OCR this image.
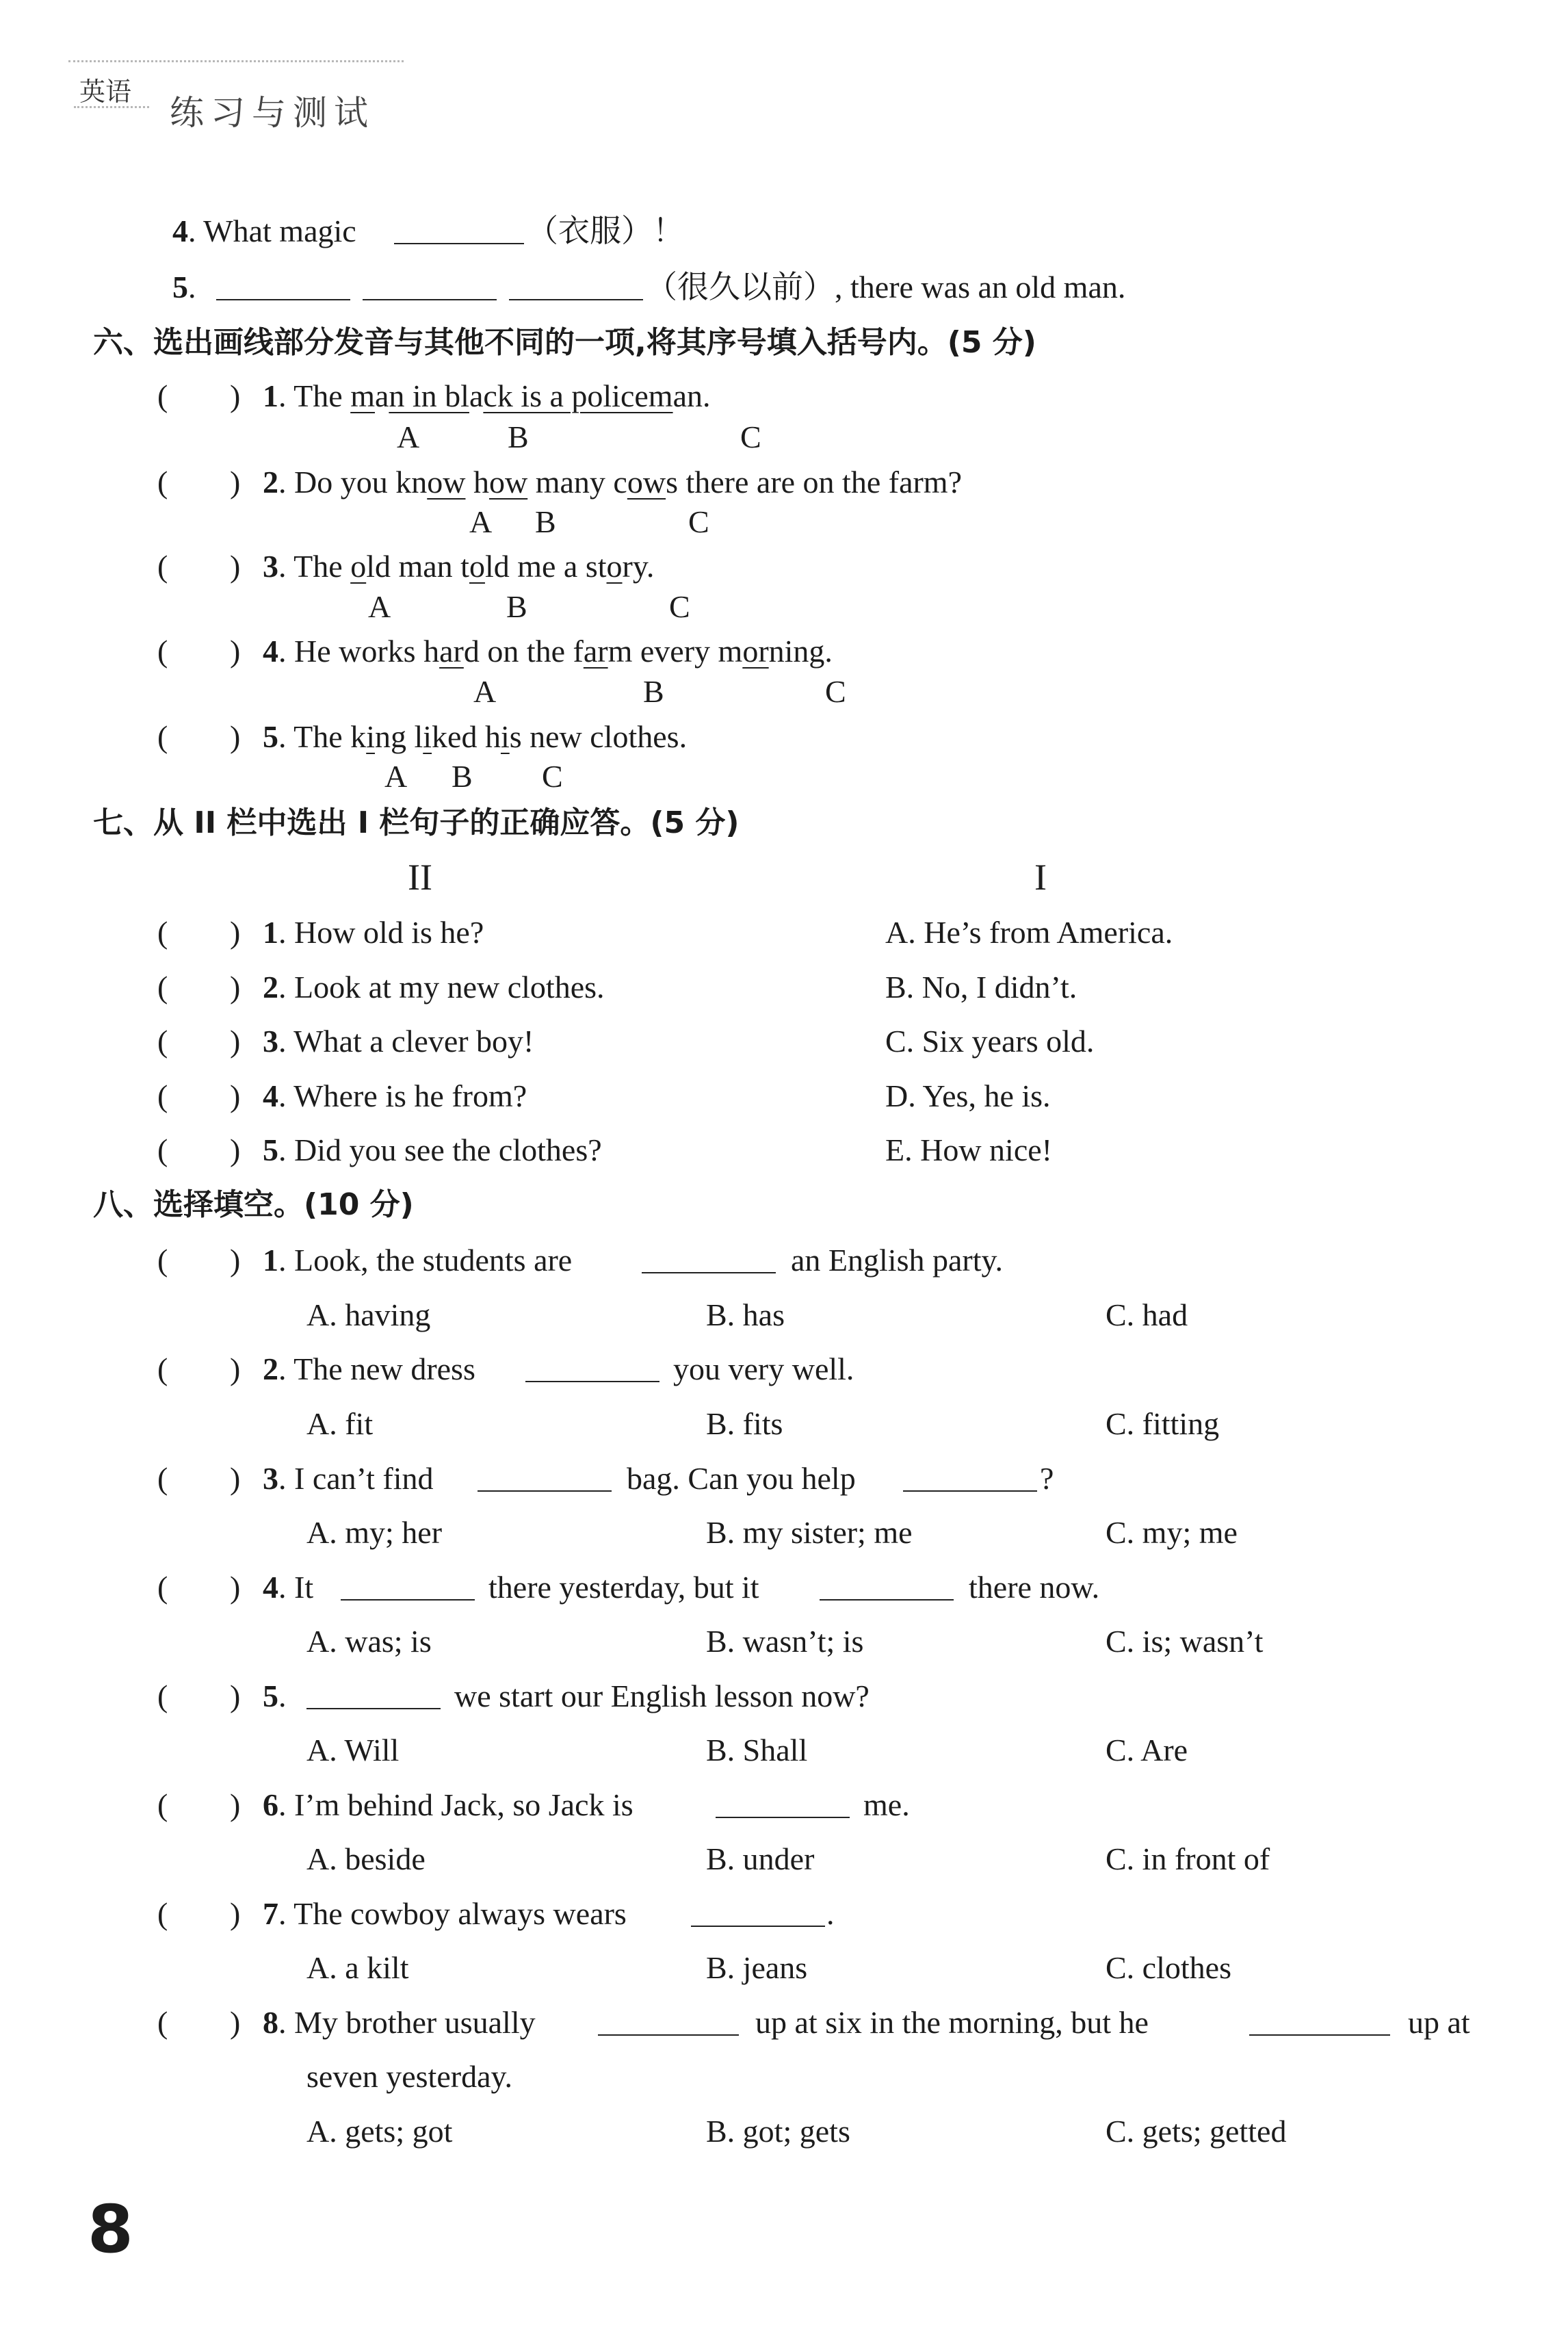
英语
练习与测试
4. What magic	（衣服）！
5.	（很久以前）, there was an old man.
六、选出画线部分发音与其他不同的一项,将其序号填入括号内。(5 分)
( ) 1. The man in black is a policeman.
A	B	C
( ) 2. Do you know how many cows there are on the farm?
A B	C
( ) 3. The old man told me a story.
A	B	C
( ) 4. He works hard on the farm every morning.
A	B	C
( ) 5. The king liked his new clothes.
A B C
七、从 II 栏中选出 I 栏句子的正确应答。(5 分)
II	I
( ) 1. How old is he?	A. He’s from America.
( ) 2. Look at my new clothes.	B. No, I didn’t.
( ) 3. What a clever boy!	C. Six years old.
( ) 4. Where is he from?	D. Yes, he is.
( ) 5. Did you see the clothes?	E. How nice!
八、选择填空。(10 分)
( ) 1. Look, the students are	an English party.
A. having	B. has	C. had
( ) 2. The new dress	you very well.
A. fit	B. fits	C. fitting
( ) 3. I can’t find	bag. Can you help	?
A. my; her	B. my sister; me	C. my; me
( ) 4. It	there yesterday, but it	there now.
A. was; is	B. wasn’t; is	C. is; wasn’t
( ) 5.	we start our English lesson now?
A. Will	B. Shall	C. Are
( ) 6. I’m behind Jack, so Jack is	me.
A. beside	B. under	C. in front of
( ) 7. The cowboy always wears	.
A. a kilt	B. jeans	C. clothes
( ) 8. My brother usually	up at six in the morning, but he	up at
seven yesterday.
A. gets; got	B. got; gets	C. gets; getted
8
